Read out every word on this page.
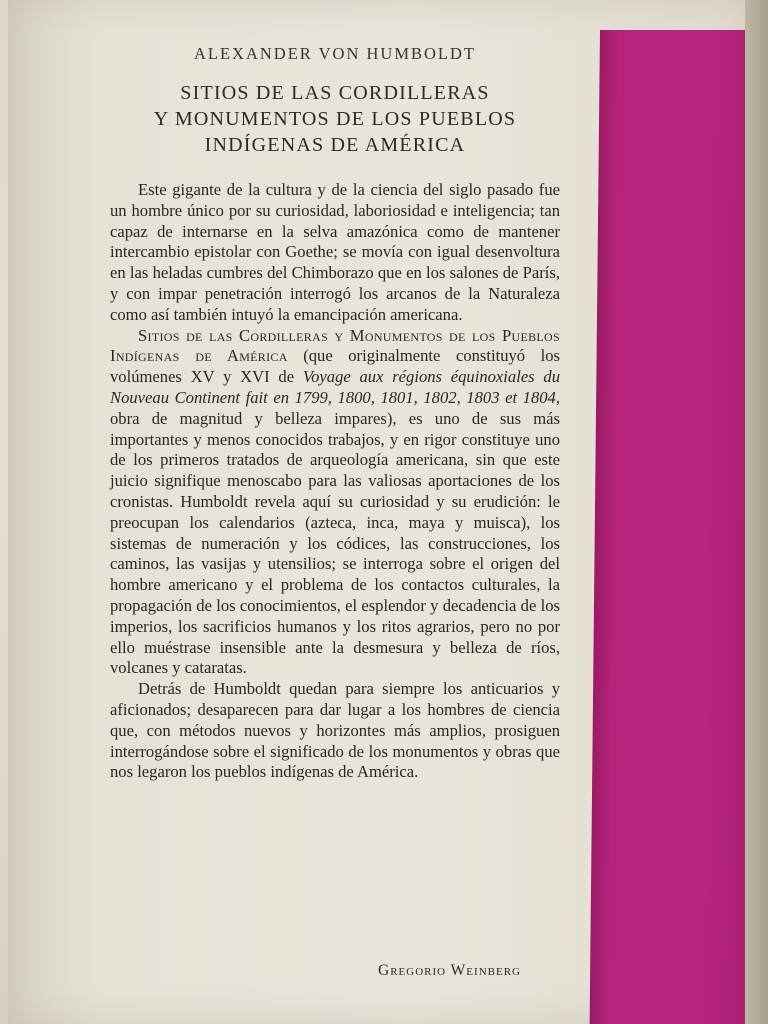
ALEXANDER VON HUMBOLDT
SITIOS DE LAS CORDILLERAS
Y MONUMENTOS DE LOS PUEBLOS
INDÍGENAS DE AMÉRICA

Este gigante de la cultura y de la ciencia del siglo pasado fue un hombre único por su curiosidad, laboriosidad e inteligencia; tan capaz de internarse en la selva amazónica como de mantener intercambio epistolar con Goethe; se movía con igual desenvoltura en las heladas cumbres del Chimborazo que en los salones de París, y con impar penetración interrogó los arcanos de la Naturaleza como así también intuyó la emancipación americana.

Sitios de las Cordilleras y Monumentos de los Pueblos Indígenas de América (que originalmente constituyó los volúmenes XV y XVI de Voyage aux régions équinoxiales du Nouveau Continent fait en 1799, 1800, 1801, 1802, 1803 et 1804, obra de magnitud y belleza impares), es uno de sus más importantes y menos conocidos trabajos, y en rigor constituye uno de los primeros tratados de arqueología americana, sin que este juicio signifique menoscabo para las valiosas aportaciones de los cronistas. Humboldt revela aquí su curiosidad y su erudición: le preocupan los calendarios (azteca, inca, maya y muisca), los sistemas de numeración y los códices, las construcciones, los caminos, las vasijas y utensilios; se interroga sobre el origen del hombre americano y el problema de los contactos culturales, la propagación de los conocimientos, el esplendor y decadencia de los imperios, los sacrificios humanos y los ritos agrarios, pero no por ello muéstrase insensible ante la desmesura y belleza de ríos, volcanes y cataratas.

Detrás de Humboldt quedan para siempre los anticuarios y aficionados; desaparecen para dar lugar a los hombres de ciencia que, con métodos nuevos y horizontes más amplios, prosiguen interrogándose sobre el significado de los monumentos y obras que nos legaron los pueblos indígenas de América.

Gregorio Weinberg
